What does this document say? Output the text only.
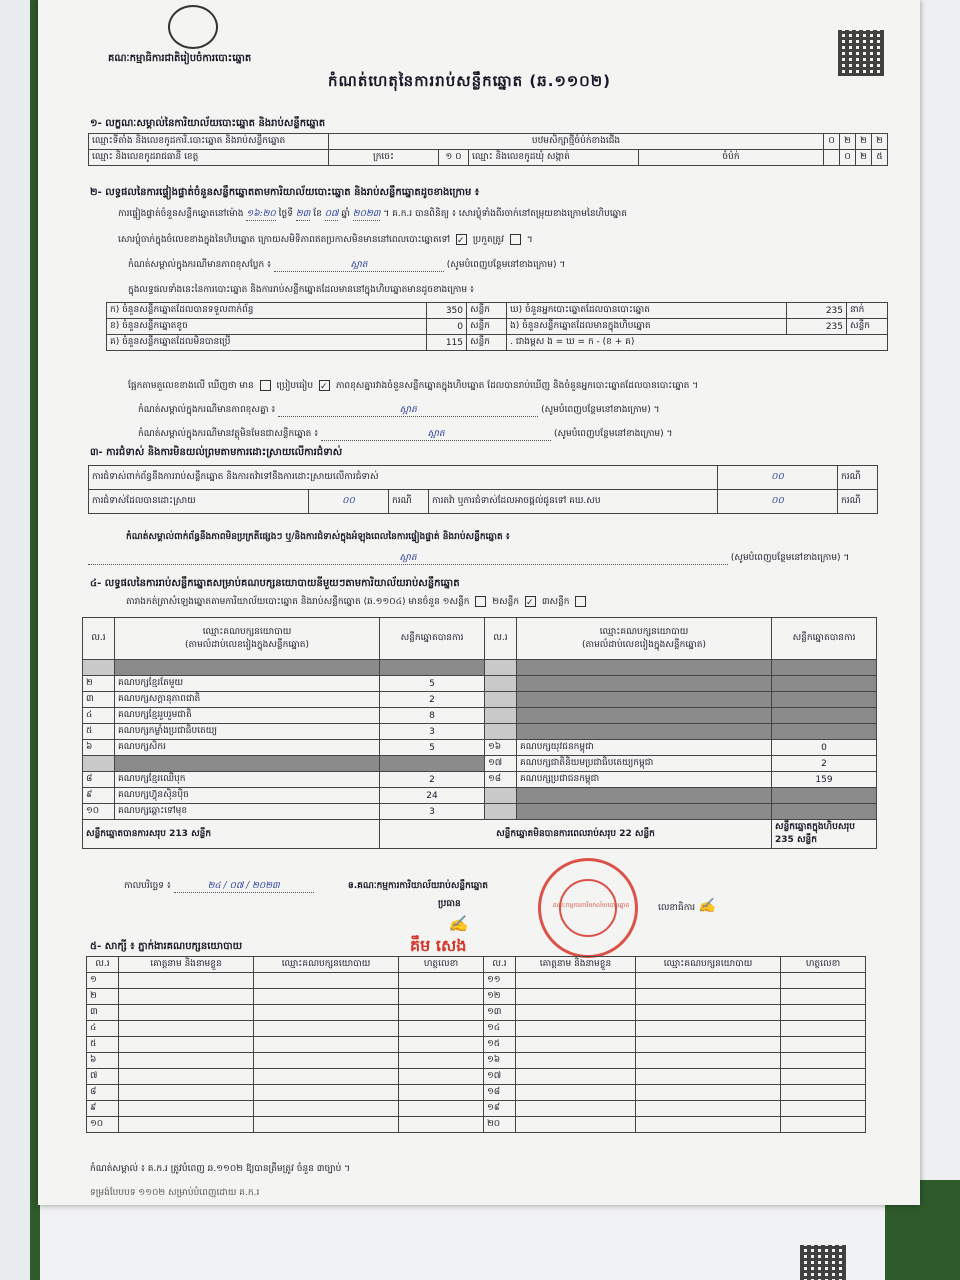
គណៈកម្មាធិការជាតិរៀបចំការបោះឆ្នោត
កំណត់ហេតុនៃការរាប់សន្លឹកឆ្នោត (ឆ.១១០២)
១- លក្ខណៈសម្គាល់នៃការិយាល័យបោះឆ្នោត និងរាប់សន្លឹកឆ្នោត
ឈ្មោះទីតាំង និងលេខកូដការិ.បោះឆ្នោត និងរាប់សន្លឹកឆ្នោត	បឋមសិក្សាថ្មីចំប៉ក់ខាងជើង				០	២	២	២
ឈ្មោះ និងលេខកូដរាជធានី ខេត្ត	ក្រចេះ	១ ០	ឈ្មោះ និងលេខកូដឃុំ សង្កាត់	ចំប៉ក់		០	២	៥
២- លទ្ធផលនៃការផ្ទៀងផ្ទាត់ចំនួនសន្លឹកឆ្នោតតាមការិយាល័យបោះឆ្នោត និងរាប់សន្លឹកឆ្នោតដូចខាងក្រោម ៖
ការផ្ទៀងផ្ទាត់ចំនួនសន្លឹកឆ្នោតនៅម៉ោង ១៦:២០ ថ្ងៃទី ២៣ ខែ ០៧ ឆ្នាំ ២០២៣ ។ គ.ក.រ បានពិនិត្យ ៖ សោរប្លុំទាំងពីរចាក់នៅតម្រុយខាងក្រោមនៃហិបឆ្នោត
សោរប្លុំចាក់ក្នុងចំលេខខាងក្នុងនៃហិបឆ្នោត ក្រោយសមិទិភាពឥតប្រកាសមិនមាននៅពេលបោះឆ្នោតទៅ ✓ ប្រកួតត្រូវ	។
កំណត់សម្គាល់ក្នុងករណីមានភាពខុសប្លែក ៖	ស្អាត	(សូមបំពេញបន្ថែមនៅខាងក្រោម) ។
ក្នុងលទ្ធផលទាំងនេះនៃការបោះឆ្នោត និងការរាប់សន្លឹកឆ្នោតដែលមាននៅក្នុងហិបឆ្នោតមានដូចខាងក្រោម ៖
ក) ចំនួនសន្លឹកឆ្នោតដែលបានទទួលពាក់ព័ន្ធ	350	សន្លឹក	ឃ) ចំនួនអ្នកបោះឆ្នោតដែលបានបោះឆ្នោត	235	នាក់
ខ) ចំនួនសន្លឹកឆ្នោតខូច	0	សន្លឹក	ង) ចំនួនសន្លឹកឆ្នោតដែលមានក្នុងហិបឆ្នោត	235	សន្លឹក
គ) ចំនួនសន្លឹកឆ្នោតដែលមិនបានប្រើ	115	សន្លឹក	. ជាងម្ពស ង = ឃ = ក - (ខ + គ)		
ផ្អែកតាមតួលេខខាងលើ ឃើញថា មាន	ប្រៀបធៀប ✓ ភាពខុសគ្នារវាងចំនួនសន្លឹកឆ្នោតក្នុងហិបឆ្នោត ដែលបានរាប់ឃើញ និងចំនួនអ្នកបោះឆ្នោតដែលបានបោះឆ្នោត ។
កំណត់សម្គាល់ក្នុងករណីមានភាពខុសគ្នា ៖	ស្អាត	(សូមបំពេញបន្ថែមនៅខាងក្រោម) ។
កំណត់សម្គាល់ក្នុងករណីមានវត្ថុមិនមែនជាសន្លឹកឆ្នោត ៖	ស្អាត	(សូមបំពេញបន្ថែមនៅខាងក្រោម) ។
៣- ការជំទាស់ និងការមិនយល់ព្រមតាមការដោះស្រាយលើការជំទាស់
ការជំទាស់ពាក់ព័ន្ធនឹងការរាប់សន្លឹកឆ្នោត និងការតវ៉ាទៅនឹងការដោះស្រាយលើការជំទាស់				០០	ករណី
ការជំទាស់ដែលបានដោះស្រាយ	០០	ករណី	ការតវ៉ា ឬការជំទាស់ដែលអាចផ្ដល់ជូនទៅ គឃ.សប	០០	ករណី
កំណត់សម្គាល់ពាក់ព័ន្ធនឹងភាពមិនប្រក្រតីផ្សេងៗ ឬ/និងការជំទាស់ក្នុងអំឡុងពេលនៃការផ្ទៀងផ្ទាត់ និងរាប់សន្លឹកឆ្នោត ៖
ស្អាត	(សូមបំពេញបន្ថែមនៅខាងក្រោម) ។
៤- លទ្ធផលនៃការរាប់សន្លឹកឆ្នោតសម្រាប់គណបក្សនយោបាយនីមួយៗតាមការិយាល័យរាប់សន្លឹកឆ្នោត
តារាងកត់ត្រាសំឡេងឆ្នោតតាមការិយាល័យបោះឆ្នោត និងរាប់សន្លឹកឆ្នោត (ឆ.១១០៤) មានចំនួន ១សន្លឹក	២សន្លឹក ✓ ៣សន្លឹក
ល.រ	ឈ្មោះគណបក្សនយោបាយ
(តាមលំដាប់លេខរៀងក្នុងសន្លឹកឆ្នោត)	សន្លឹកឆ្នោតបានការ	ល.រ	ឈ្មោះគណបក្សនយោបាយ
(តាមលំដាប់លេខរៀងក្នុងសន្លឹកឆ្នោត)	សន្លឹកឆ្នោតបានការ

២	គណបក្សខ្មែរតែមួយ	5			
៣	គណបក្សសក្ដានុភាពជាតិ	2			
៤	គណបក្សខ្មែររួបរួមជាតិ	8			
៥	គណបក្សកម្លាំងប្រជាធិបតេយ្យ	3			
៦	គណបក្សសិករ	5	១៦	គណបក្សយុវជនកម្ពុជា	0
			១៧	គណបក្សជាតិនិយមប្រជាធិបតេយ្យកម្ពុជា	2
៨	គណបក្សខ្មែរឈើបុក	2	១៨	គណបក្សប្រជាជនកម្ពុជា	159
៩	គណបក្សហ៊្វុនស៊ិនប៉ិច	24			
១០	គណបក្សឆ្ពោះទៅមុខ	3			
សន្លឹកឆ្នោតបានការសរុប 213 សន្លឹក		សន្លឹកឆ្នោតមិនបានការពេលរាប់សរុប 22 សន្លឹក			សន្លឹកឆ្នោតក្នុងហិបសរុប 235 សន្លឹក
កាលបរិច្ឆេទ ៖	២៤ / ០៧ / ២០២៣	ឲ.គណៈកម្មការការិយាល័យរាប់សន្លឹកឆ្នោត
ប្រធាន
✍
គឹម សេង
គណៈកម្មការការិយាល័យបោះឆ្នោត	លេខាធិការ ✍
៥- សាក្សី ៖ ភ្នាក់ងារគណបក្សនយោបាយ
ល.រ	គោត្តនាម និងនាមខ្លួន	ឈ្មោះគណបក្សនយោបាយ	ហត្ថលេខា	ល.រ	គោត្តនាម និងនាមខ្លួន	ឈ្មោះគណបក្សនយោបាយ	ហត្ថលេខា
១				១១			
២				១២			
៣				១៣			
៤				១៤			
៥				១៥			
៦				១៦			
៧				១៧			
៨				១៨			
៩				១៩			
១០				២០			
កំណត់សម្គាល់ ៖ គ.ក.រ ត្រូវបំពេញ ឆ.១១០២ ឱ្យបានត្រឹមត្រូវ ចំនួន ៣ច្បាប់ ។
ទម្រង់បែបបទ ១១០២ សម្រាប់បំពេញដោយ គ.ក.រ
